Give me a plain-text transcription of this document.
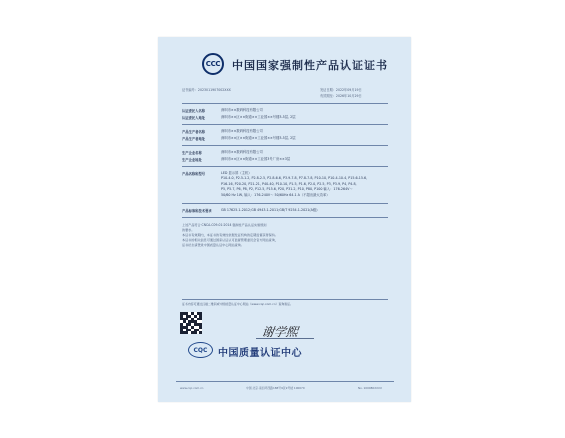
CCC	中国国家强制性产品认证证书
证书编号：2023011907002XXX	发证日期：2022年09月19日
有效期至：2026年10月29日
认证委托人名称	深圳市××数码科技有限公司
认证委托人地址	深圳市××区××街道××工业园××号楼3-5层, 2层
产品生产者名称	深圳市××数码科技有限公司
产品生产者地址	深圳市××区××街道××工业园××号楼3-5层, 2层
生产企业名称	深圳市××数码科技有限公司
生产企业地址	深圳市××区××街道××工业园3号厂房××3层
产品名称和型号	LED 显示屏（主机）
P10-4.0, P2.5-1.2, P2.8-2.5, P2.8-6.6, P3.9-7.8, P7.8-7.8, P10-10, P10-4-10.4, P15.6-15.6,
P16-16, P20-20, P21-21, P40-40, P10-10, P1.5, P1.6, P2.0, P2.5, P3, P3.9, P4, P4.8,
P5, P5.7, P6, P8, P2, P12.5, P15.6, P20, P31.2, P10, P80, P100 输入：176-264V～
50/60 Hz 1W, 输入：176-240V～ 50/60Hz 64.1 A（不超出最大功率）
产品标准和技术要求	GB 17625.1-2012;GB 4943.1-2011;GB/T 9254.1-2021(A级)
上述产品符合 CNCA-C09-01:2014 强制性产品认证实施规则
的要求。
本证书有效期内，本证书的有效性依据发证机构的定期监督获得保持。
本证书的相关信息可通过国家认证认可监督管理委员会官方网站查询，
证书状态请登录中国质量认证中心网站查询。
证书内容可通过扫描二维码或中国质量认证中心网站（www.cqc.com.cn）查询验证。
谢学熙
CQC	中国质量认证中心
www.cqc.com.cn	中国·北京·南四环西路188号9区9号楼 100070	No. 100080XXXX
